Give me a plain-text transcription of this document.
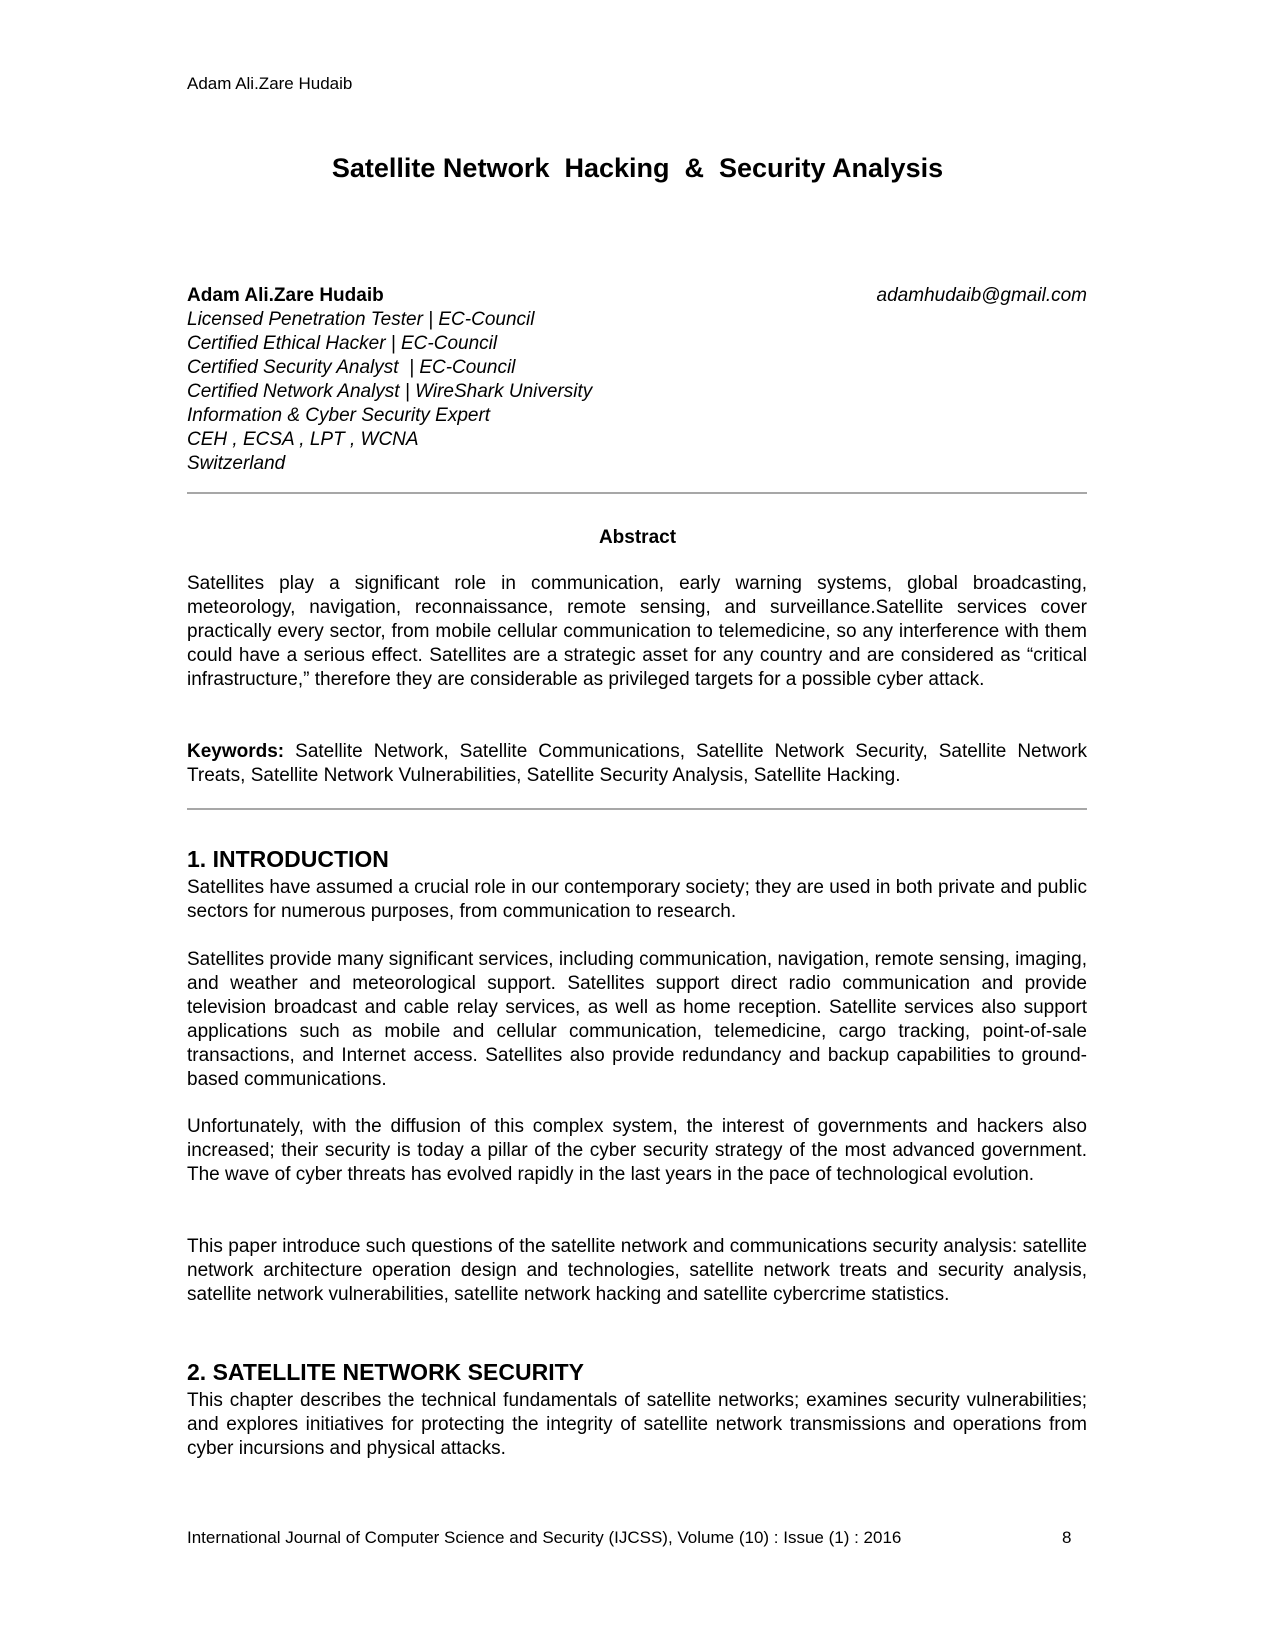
Adam Ali.Zare Hudaib
Satellite Network  Hacking  &  Security Analysis
Adam Ali.Zare Hudaib	adamhudaib@gmail.com
Licensed Penetration Tester | EC-Council
Certified Ethical Hacker | EC-Council
Certified Security Analyst  | EC-Council
Certified Network Analyst | WireShark University
Information & Cyber Security Expert
CEH , ECSA , LPT , WCNA
Switzerland
Abstract

Satellites play a significant role in communication, early warning systems, global broadcasting, meteorology, navigation, reconnaissance, remote sensing, and surveillance.Satellite services cover practically every sector, from mobile cellular communication to telemedicine, so any interference with them could have a serious effect. Satellites are a strategic asset for any country and are considered as “critical infrastructure,” therefore they are considerable as privileged targets for a possible cyber attack.

Keywords: Satellite Network, Satellite Communications, Satellite Network Security, Satellite Network Treats, Satellite Network Vulnerabilities, Satellite Security Analysis, Satellite Hacking.

1. INTRODUCTION

Satellites have assumed a crucial role in our contemporary society; they are used in both private and public sectors for numerous purposes, from communication to research.

Satellites provide many significant services, including communication, navigation, remote sensing, imaging, and weather and meteorological support. Satellites support direct radio communication and provide television broadcast and cable relay services, as well as home reception. Satellite services also support applications such as mobile and cellular communication, telemedicine, cargo tracking, point-of-sale transactions, and Internet access. Satellites also provide redundancy and backup capabilities to ground-based communications.

Unfortunately, with the diffusion of this complex system, the interest of governments and hackers also increased; their security is today a pillar of the cyber security strategy of the most advanced government. The wave of cyber threats has evolved rapidly in the last years in the pace of technological evolution.

This paper introduce such questions of the satellite network and communications security analysis: satellite network architecture operation design and technologies, satellite network treats and security analysis, satellite network vulnerabilities, satellite network hacking and satellite cybercrime statistics.

2. SATELLITE NETWORK SECURITY

This chapter describes the technical fundamentals of satellite networks; examines security vulnerabilities; and explores initiatives for protecting the integrity of satellite network transmissions and operations from cyber incursions and physical attacks.

International Journal of Computer Science and Security (IJCSS), Volume (10) : Issue (1) : 2016	8
